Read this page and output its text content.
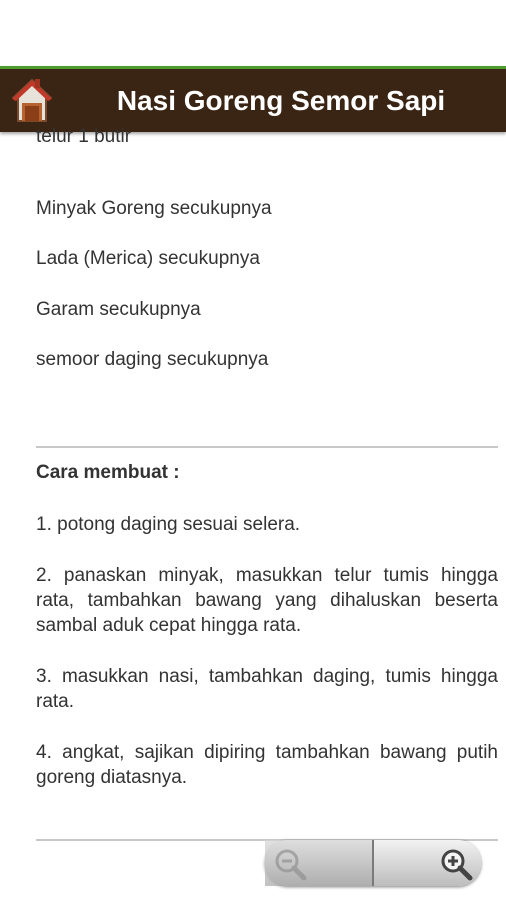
Nasi Goreng Semor Sapi
telur 1 butir

Minyak Goreng secukupnya

Lada (Merica) secukupnya

Garam secukupnya

semoor daging secukupnya

Cara membuat :

1. potong daging sesuai selera.

2. panaskan minyak, masukkan telur tumis hingga rata, tambahkan bawang yang dihaluskan beserta sambal aduk cepat hingga rata.

3. masukkan nasi, tambahkan daging, tumis hingga rata.

4. angkat, sajikan dipiring tambahkan bawang putih goreng diatasnya.
